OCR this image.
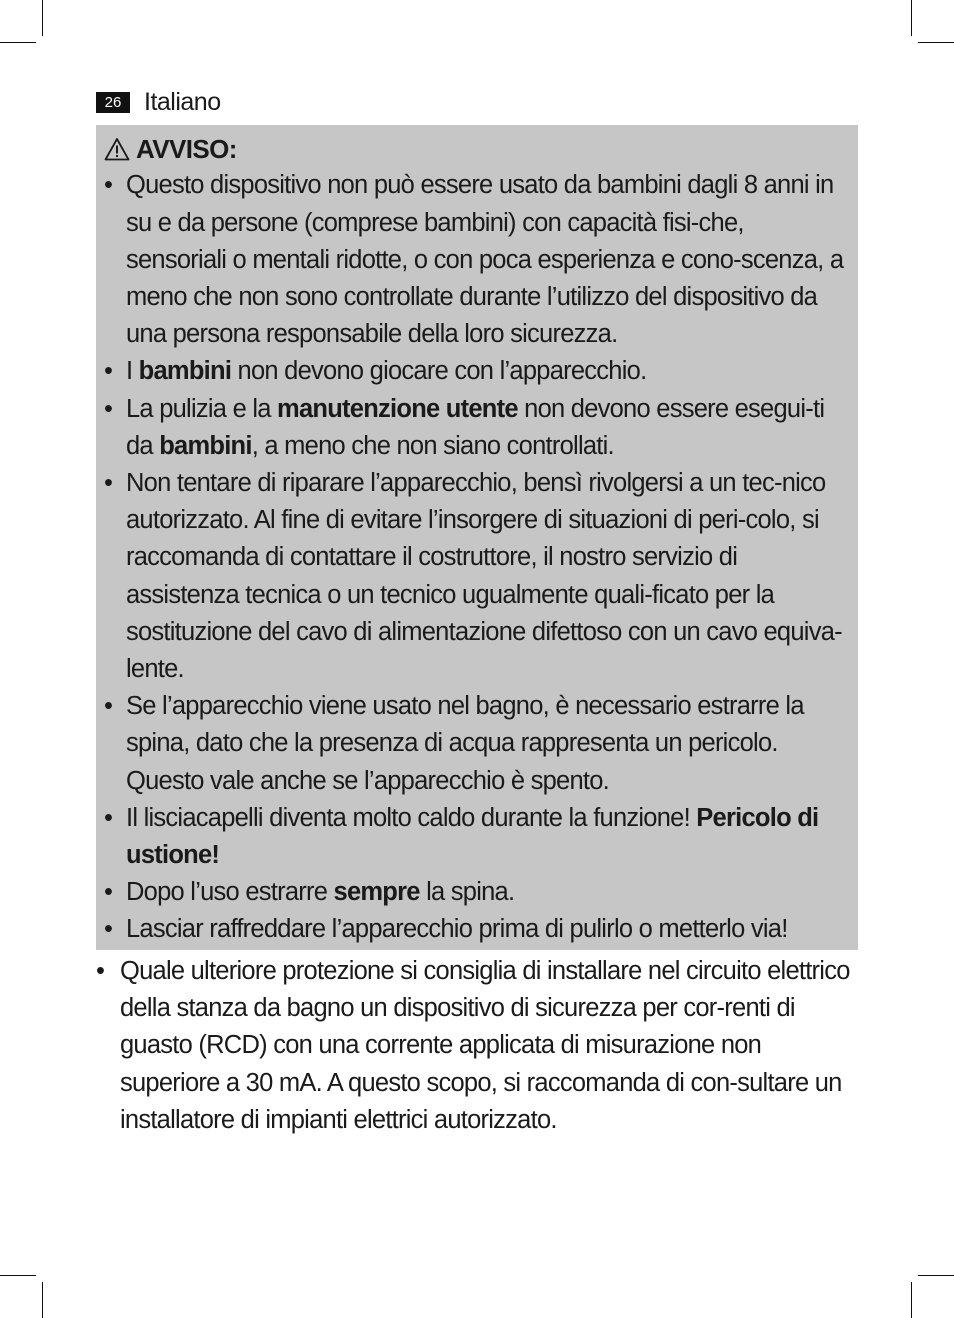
26 Italiano
AVVISO:
• Questo dispositivo non può essere usato da bambini dagli 8 anni in su e da persone (comprese bambini) con capacità fisi-che, sensoriali o mentali ridotte, o con poca esperienza e cono-scenza, a meno che non sono controllate durante l’utilizzo del dispositivo da una persona responsabile della loro sicurezza.
• I bambini non devono giocare con l’apparecchio.
• La pulizia e la manutenzione utente non devono essere esegui-ti da bambini, a meno che non siano controllati.
• Non tentare di riparare l’apparecchio, bensì rivolgersi a un tec-nico autorizzato. Al fine di evitare l’insorgere di situazioni di peri-colo, si raccomanda di contattare il costruttore, il nostro servizio di assistenza tecnica o un tecnico ugualmente quali-ficato per la sostituzione del cavo di alimentazione difettoso con un cavo equiva-lente.
• Se l’apparecchio viene usato nel bagno, è necessario estrarre la spina, dato che la presenza di acqua rappresenta un pericolo. Questo vale anche se l’apparecchio è spento.
• Il lisciacapelli diventa molto caldo durante la funzione! Pericolo di ustione!
• Dopo l’uso estrarre sempre la spina.
• Lasciar raffreddare l’apparecchio prima di pulirlo o metterlo via!
• Quale ulteriore protezione si consiglia di installare nel circuito elettrico della stanza da bagno un dispositivo di sicurezza per cor-renti di guasto (RCD) con una corrente applicata di misurazione non superiore a 30 mA. A questo scopo, si raccomanda di con-sultare un installatore di impianti elettrici autorizzato.
